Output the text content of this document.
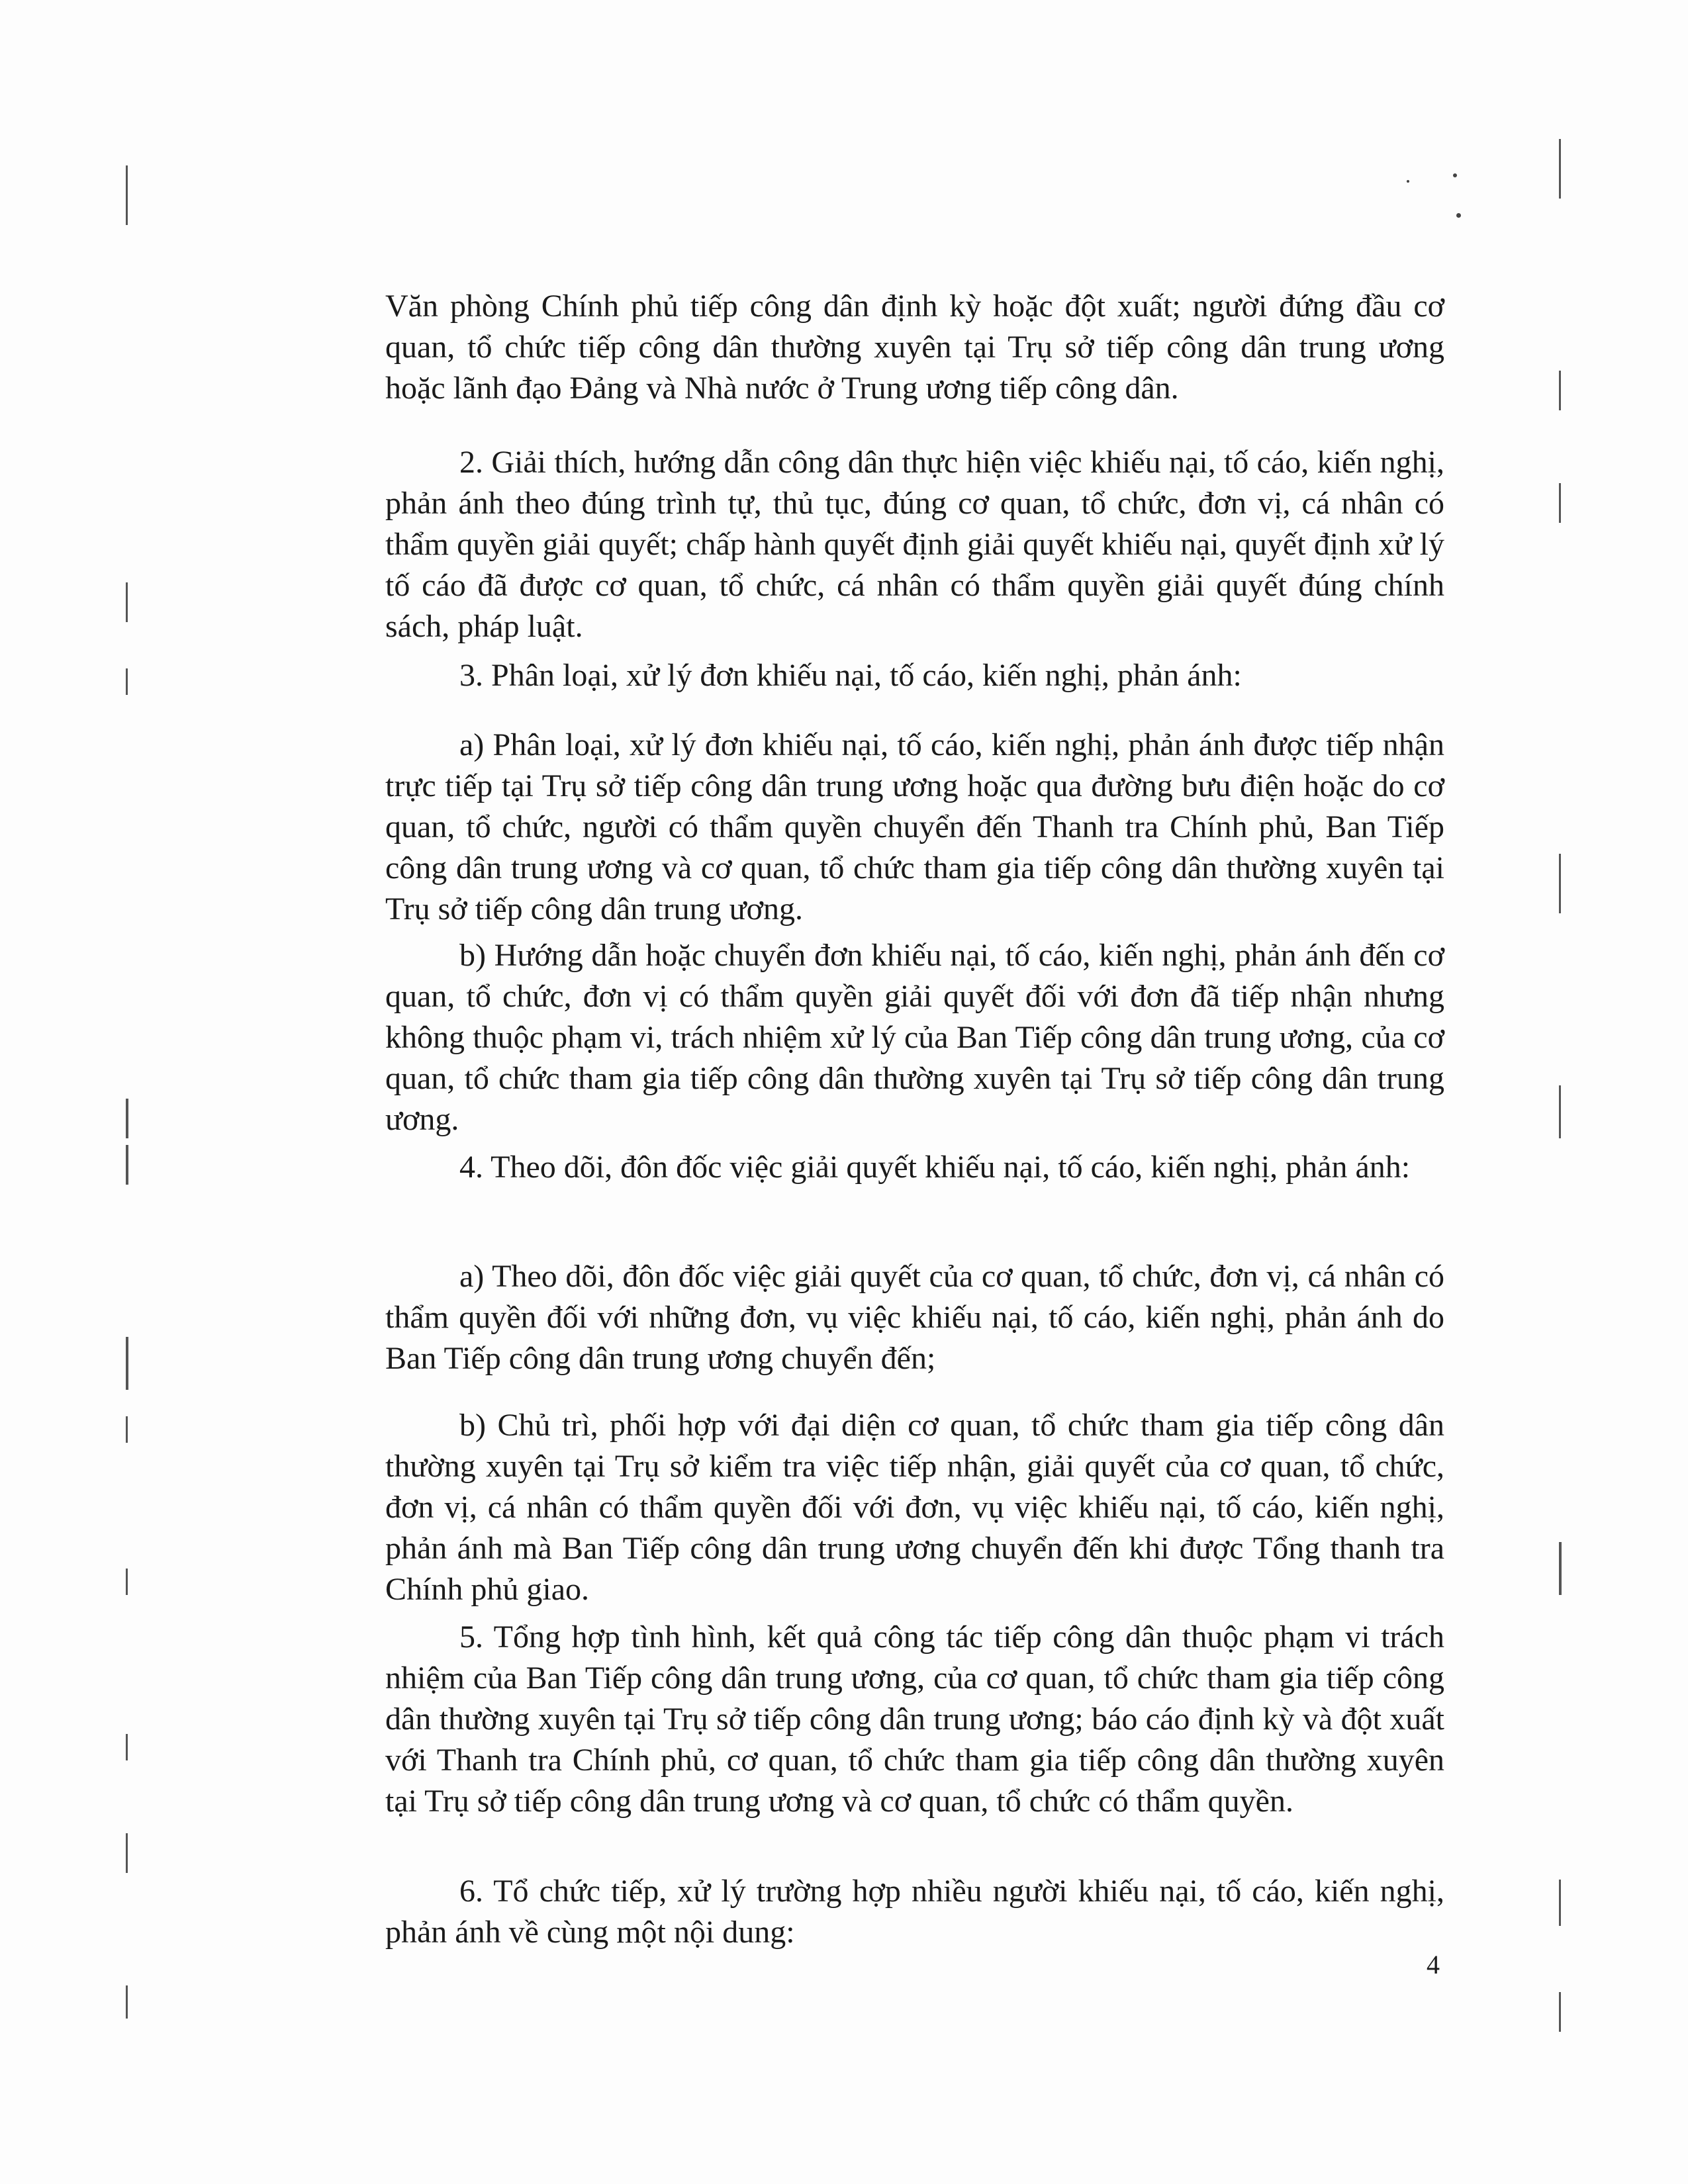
Văn phòng Chính phủ tiếp công dân định kỳ hoặc đột xuất; người đứng đầu cơ quan, tổ chức tiếp công dân thường xuyên tại Trụ sở tiếp công dân trung ương hoặc lãnh đạo Đảng và Nhà nước ở Trung ương tiếp công dân.

2. Giải thích, hướng dẫn công dân thực hiện việc khiếu nại, tố cáo, kiến nghị, phản ánh theo đúng trình tự, thủ tục, đúng cơ quan, tổ chức, đơn vị, cá nhân có thẩm quyền giải quyết; chấp hành quyết định giải quyết khiếu nại, quyết định xử lý tố cáo đã được cơ quan, tổ chức, cá nhân có thẩm quyền giải quyết đúng chính sách, pháp luật.

3. Phân loại, xử lý đơn khiếu nại, tố cáo, kiến nghị, phản ánh:

a) Phân loại, xử lý đơn khiếu nại, tố cáo, kiến nghị, phản ánh được tiếp nhận trực tiếp tại Trụ sở tiếp công dân trung ương hoặc qua đường bưu điện hoặc do cơ quan, tổ chức, người có thẩm quyền chuyển đến Thanh tra Chính phủ, Ban Tiếp công dân trung ương và cơ quan, tổ chức tham gia tiếp công dân thường xuyên tại Trụ sở tiếp công dân trung ương.

b) Hướng dẫn hoặc chuyển đơn khiếu nại, tố cáo, kiến nghị, phản ánh đến cơ quan, tổ chức, đơn vị có thẩm quyền giải quyết đối với đơn đã tiếp nhận nhưng không thuộc phạm vi, trách nhiệm xử lý của Ban Tiếp công dân trung ương, của cơ quan, tổ chức tham gia tiếp công dân thường xuyên tại Trụ sở tiếp công dân trung ương.

4. Theo dõi, đôn đốc việc giải quyết khiếu nại, tố cáo, kiến nghị, phản ánh:

a) Theo dõi, đôn đốc việc giải quyết của cơ quan, tổ chức, đơn vị, cá nhân có thẩm quyền đối với những đơn, vụ việc khiếu nại, tố cáo, kiến nghị, phản ánh do Ban Tiếp công dân trung ương chuyển đến;

b) Chủ trì, phối hợp với đại diện cơ quan, tổ chức tham gia tiếp công dân thường xuyên tại Trụ sở kiểm tra việc tiếp nhận, giải quyết của cơ quan, tổ chức, đơn vị, cá nhân có thẩm quyền đối với đơn, vụ việc khiếu nại, tố cáo, kiến nghị, phản ánh mà Ban Tiếp công dân trung ương chuyển đến khi được Tổng thanh tra Chính phủ giao.

5. Tổng hợp tình hình, kết quả công tác tiếp công dân thuộc phạm vi trách nhiệm của Ban Tiếp công dân trung ương, của cơ quan, tổ chức tham gia tiếp công dân thường xuyên tại Trụ sở tiếp công dân trung ương; báo cáo định kỳ và đột xuất với Thanh tra Chính phủ, cơ quan, tổ chức tham gia tiếp công dân thường xuyên tại Trụ sở tiếp công dân trung ương và cơ quan, tổ chức có thẩm quyền.

6. Tổ chức tiếp, xử lý trường hợp nhiều người khiếu nại, tố cáo, kiến nghị, phản ánh về cùng một nội dung:

4
